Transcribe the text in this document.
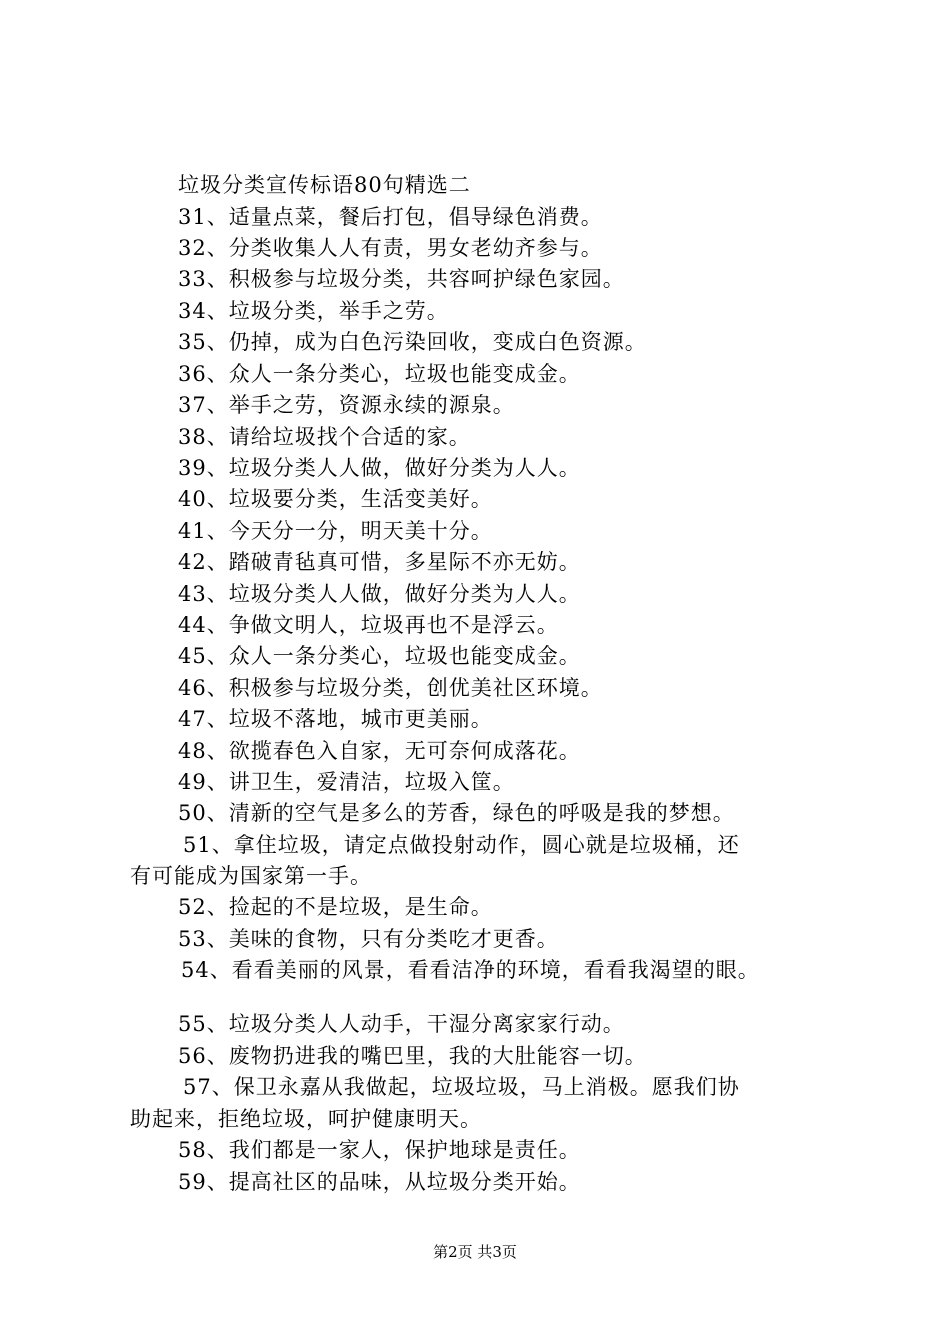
垃圾分类宣传标语80句精选二
31、适量点菜，餐后打包，倡导绿色消费。
32、分类收集人人有责，男女老幼齐参与。
33、积极参与垃圾分类，共容呵护绿色家园。
34、垃圾分类，举手之劳。
35、仍掉，成为白色污染回收，变成白色资源。
36、众人一条分类心，垃圾也能变成金。
37、举手之劳，资源永续的源泉。
38、请给垃圾找个合适的家。
39、垃圾分类人人做，做好分类为人人。
40、垃圾要分类，生活变美好。
41、今天分一分，明天美十分。
42、踏破青毡真可惜，多星际不亦无妨。
43、垃圾分类人人做，做好分类为人人。
44、争做文明人，垃圾再也不是浮云。
45、众人一条分类心，垃圾也能变成金。
46、积极参与垃圾分类，创优美社区环境。
47、垃圾不落地，城市更美丽。
48、欲揽春色入自家，无可奈何成落花。
49、讲卫生，爱清洁，垃圾入筐。
50、清新的空气是多么的芳香，绿色的呼吸是我的梦想。
51、拿住垃圾，请定点做投射动作，圆心就是垃圾桶，还
有可能成为国家第一手。
52、捡起的不是垃圾，是生命。
53、美味的食物，只有分类吃才更香。
54、看看美丽的风景，看看洁净的环境，看看我渴望的眼。
55、垃圾分类人人动手，干湿分离家家行动。
56、废物扔进我的嘴巴里，我的大肚能容一切。
57、保卫永嘉从我做起，垃圾垃圾，马上消极。愿我们协
助起来，拒绝垃圾，呵护健康明天。
58、我们都是一家人，保护地球是责任。
59、提高社区的品味，从垃圾分类开始。
第2页 共3页
